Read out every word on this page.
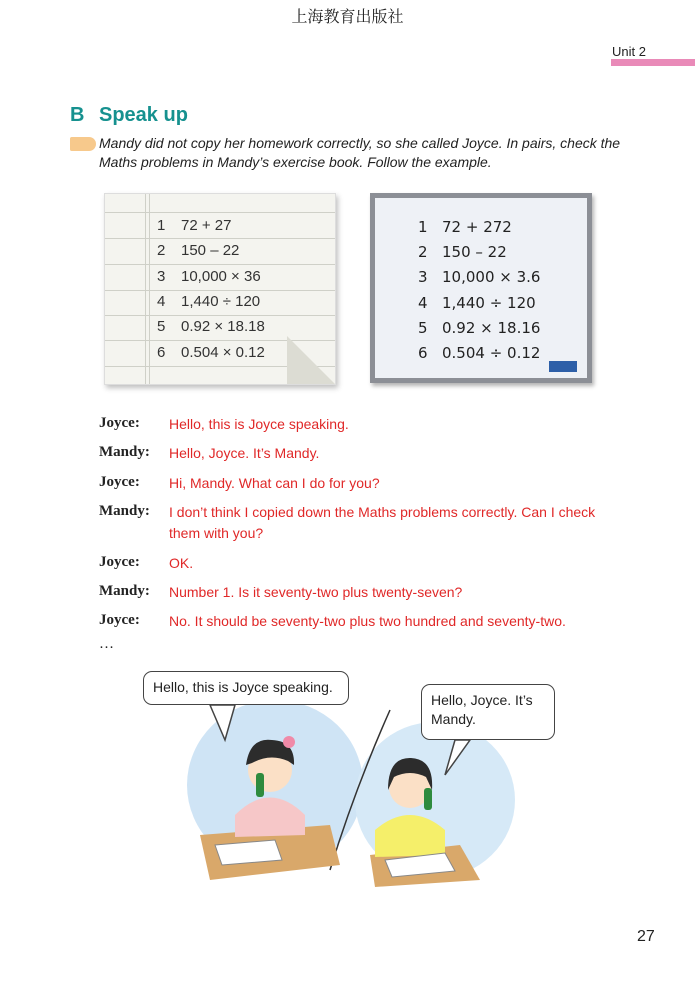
上海教育出版社
Unit 2
B Speak up
Mandy did not copy her homework correctly, so she called Joyce. In pairs, check the Maths problems in Mandy’s exercise book. Follow the example.
1 72 + 27
2 150 – 22
3 10,000 × 36
4 1,440 ÷ 120
5 0.92 × 18.18
6 0.504 × 0.12
1 72 + 272
2 150 – 22
3 10,000 × 3.6
4 1,440 ÷ 120
5 0.92 × 18.16
6 0.504 ÷ 0.12
Joyce: Hello, this is Joyce speaking.
Mandy: Hello, Joyce. It’s Mandy.
Joyce: Hi, Mandy. What can I do for you?
Mandy: I don’t think I copied down the Maths problems correctly. Can I check them with you?
Joyce: OK.
Mandy: Number 1. Is it seventy-two plus twenty-seven?
Joyce: No. It should be seventy-two plus two hundred and seventy-two.
…
Hello, this is Joyce speaking.
Hello, Joyce. It’s Mandy.
27
